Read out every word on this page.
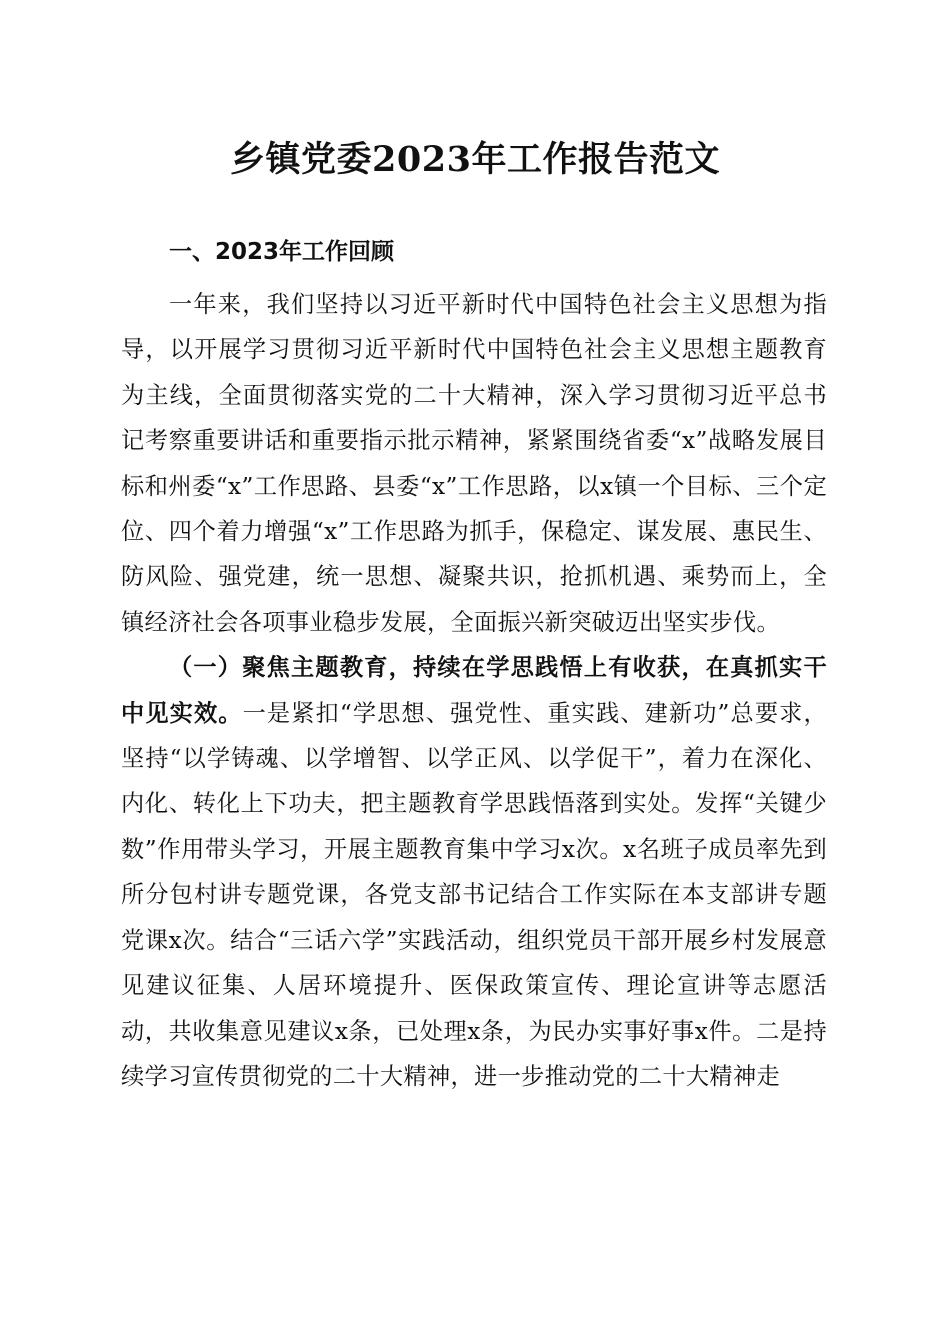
乡镇党委2023年工作报告范文
一、2023年工作回顾

一年来，我们坚持以习近平新时代中国特色社会主义思想为指导，以开展学习贯彻习近平新时代中国特色社会主义思想主题教育为主线，全面贯彻落实党的二十大精神，深入学习贯彻习近平总书记考察重要讲话和重要指示批示精神，紧紧围绕省委“x”战略发展目标和州委“x”工作思路、县委“x”工作思路，以x镇一个目标、三个定位、四个着力增强“x”工作思路为抓手，保稳定、谋发展、惠民生、防风险、强党建，统一思想、凝聚共识，抢抓机遇、乘势而上，全镇经济社会各项事业稳步发展，全面振兴新突破迈出坚实步伐。

（一）聚焦主题教育，持续在学思践悟上有收获，在真抓实干中见实效。一是紧扣“学思想、强党性、重实践、建新功”总要求，坚持“以学铸魂、以学增智、以学正风、以学促干”，着力在深化、内化、转化上下功夫，把主题教育学思践悟落到实处。发挥“关键少数”作用带头学习，开展主题教育集中学习x次。x名班子成员率先到所分包村讲专题党课，各党支部书记结合工作实际在本支部讲专题党课x次。结合“三话六学”实践活动，组织党员干部开展乡村发展意见建议征集、人居环境提升、医保政策宣传、理论宣讲等志愿活动，共收集意见建议x条，已处理x条，为民办实事好事x件。二是持续学习宣传贯彻党的二十大精神，进一步推动党的二十大精神走
